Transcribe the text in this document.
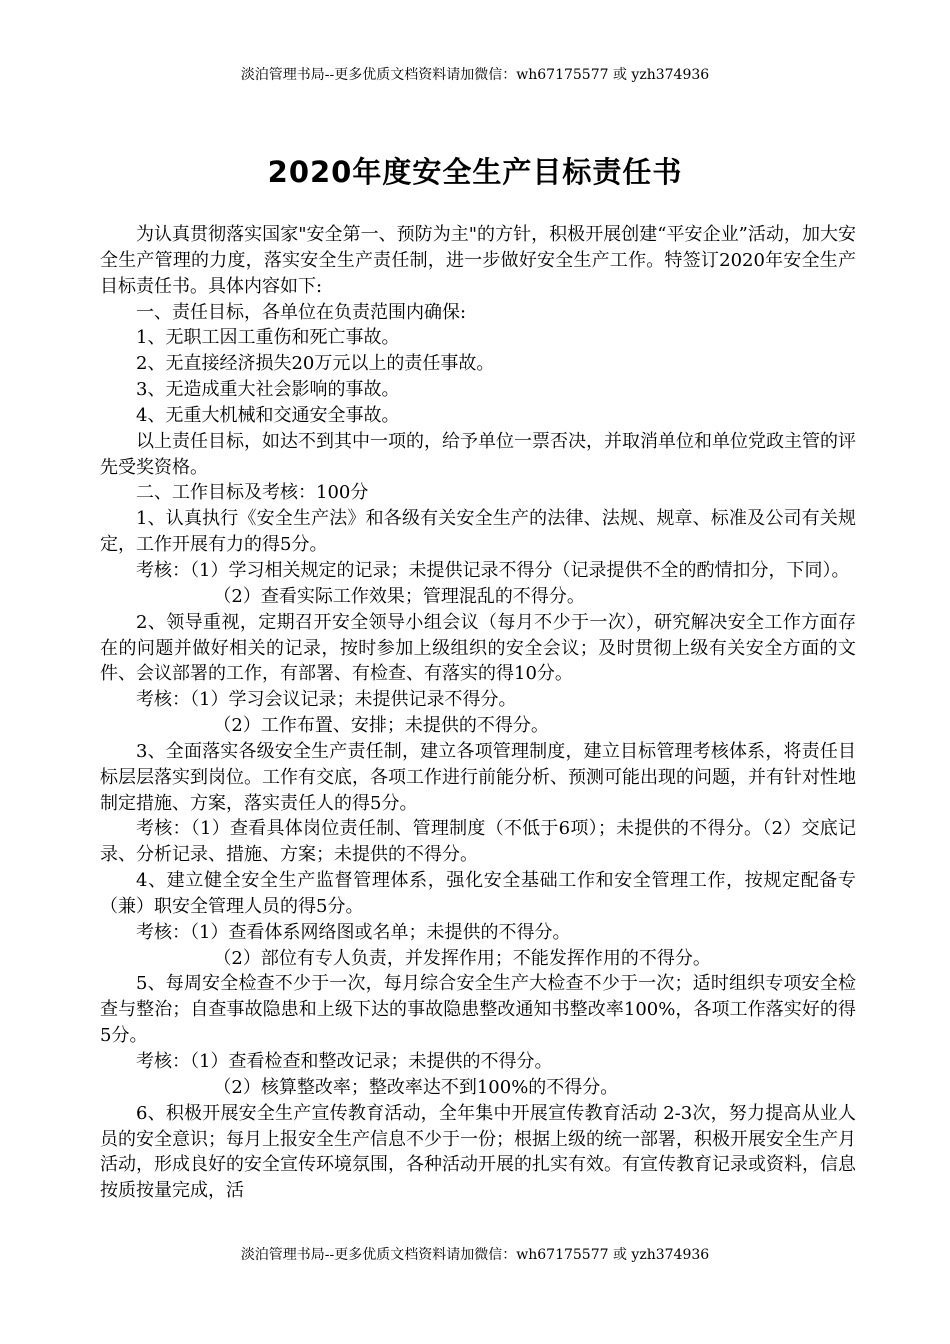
淡泊管理书局--更多优质文档资料请加微信：wh67175577 或 yzh374936
2020年度安全生产目标责任书

为认真贯彻落实国家"安全第一、预防为主"的方针，积极开展创建“平安企业”活动，加大安全生产管理的力度，落实安全生产责任制，进一步做好安全生产工作。特签订2020年安全生产目标责任书。具体内容如下:

一、责任目标，各单位在负责范围内确保:

1、无职工因工重伤和死亡事故。

2、无直接经济损失20万元以上的责任事故。

3、无造成重大社会影响的事故。

4、无重大机械和交通安全事故。

以上责任目标，如达不到其中一项的，给予单位一票否决，并取消单位和单位党政主管的评先受奖资格。

二、工作目标及考核：100分

1、认真执行《安全生产法》和各级有关安全生产的法律、法规、规章、标准及公司有关规定，工作开展有力的得5分。

考核：（1）学习相关规定的记录；未提供记录不得分（记录提供不全的酌情扣分，下同）。

（2）查看实际工作效果；管理混乱的不得分。

2、领导重视，定期召开安全领导小组会议（每月不少于一次），研究解决安全工作方面存在的问题并做好相关的记录，按时参加上级组织的安全会议；及时贯彻上级有关安全方面的文件、会议部署的工作，有部署、有检查、有落实的得10分。

考核：（1）学习会议记录；未提供记录不得分。

（2）工作布置、安排；未提供的不得分。

3、全面落实各级安全生产责任制，建立各项管理制度，建立目标管理考核体系，将责任目标层层落实到岗位。工作有交底，各项工作进行前能分析、预测可能出现的问题，并有针对性地制定措施、方案，落实责任人的得5分。

考核：（1）查看具体岗位责任制、管理制度（不低于6项）；未提供的不得分。（2）交底记录、分析记录、措施、方案；未提供的不得分。

4、建立健全安全生产监督管理体系，强化安全基础工作和安全管理工作，按规定配备专（兼）职安全管理人员的得5分。

考核：（1）查看体系网络图或名单；未提供的不得分。

（2）部位有专人负责，并发挥作用；不能发挥作用的不得分。

5、每周安全检查不少于一次，每月综合安全生产大检查不少于一次；适时组织专项安全检查与整治；自查事故隐患和上级下达的事故隐患整改通知书整改率100%，各项工作落实好的得5分。

考核：（1）查看检查和整改记录；未提供的不得分。

（2）核算整改率；整改率达不到100%的不得分。

6、积极开展安全生产宣传教育活动，全年集中开展宣传教育活动 2-3次，努力提高从业人员的安全意识；每月上报安全生产信息不少于一份；根据上级的统一部署，积极开展安全生产月活动，形成良好的安全宣传环境氛围，各种活动开展的扎实有效。有宣传教育记录或资料，信息按质按量完成，活

淡泊管理书局--更多优质文档资料请加微信：wh67175577 或 yzh374936
